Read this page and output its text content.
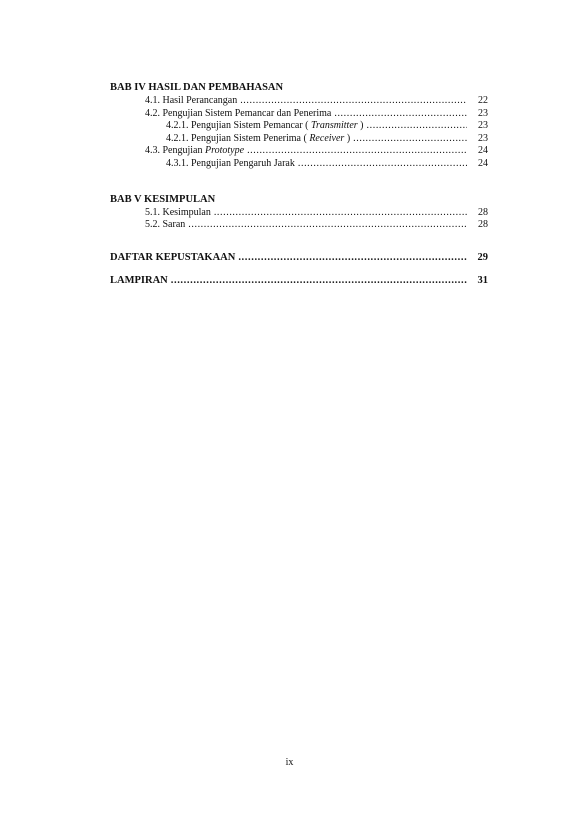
BAB IV HASIL DAN PEMBAHASAN

4.1. Hasil Perancangan .....	22
4.2. Pengujian Sistem Pemancar dan Penerima .....	23
4.2.1. Pengujian Sistem Pemancar ( Transmitter ) .....	23
4.2.1. Pengujian Sistem Penerima ( Receiver ) .....	23
4.3. Pengujian Prototype .....	24
4.3.1. Pengujian Pengaruh Jarak .....	24

BAB V KESIMPULAN

5.1. Kesimpulan .....	28
5.2. Saran .....	28
DAFTAR KEPUSTAKAAN .....	29
LAMPIRAN .....	31
ix
